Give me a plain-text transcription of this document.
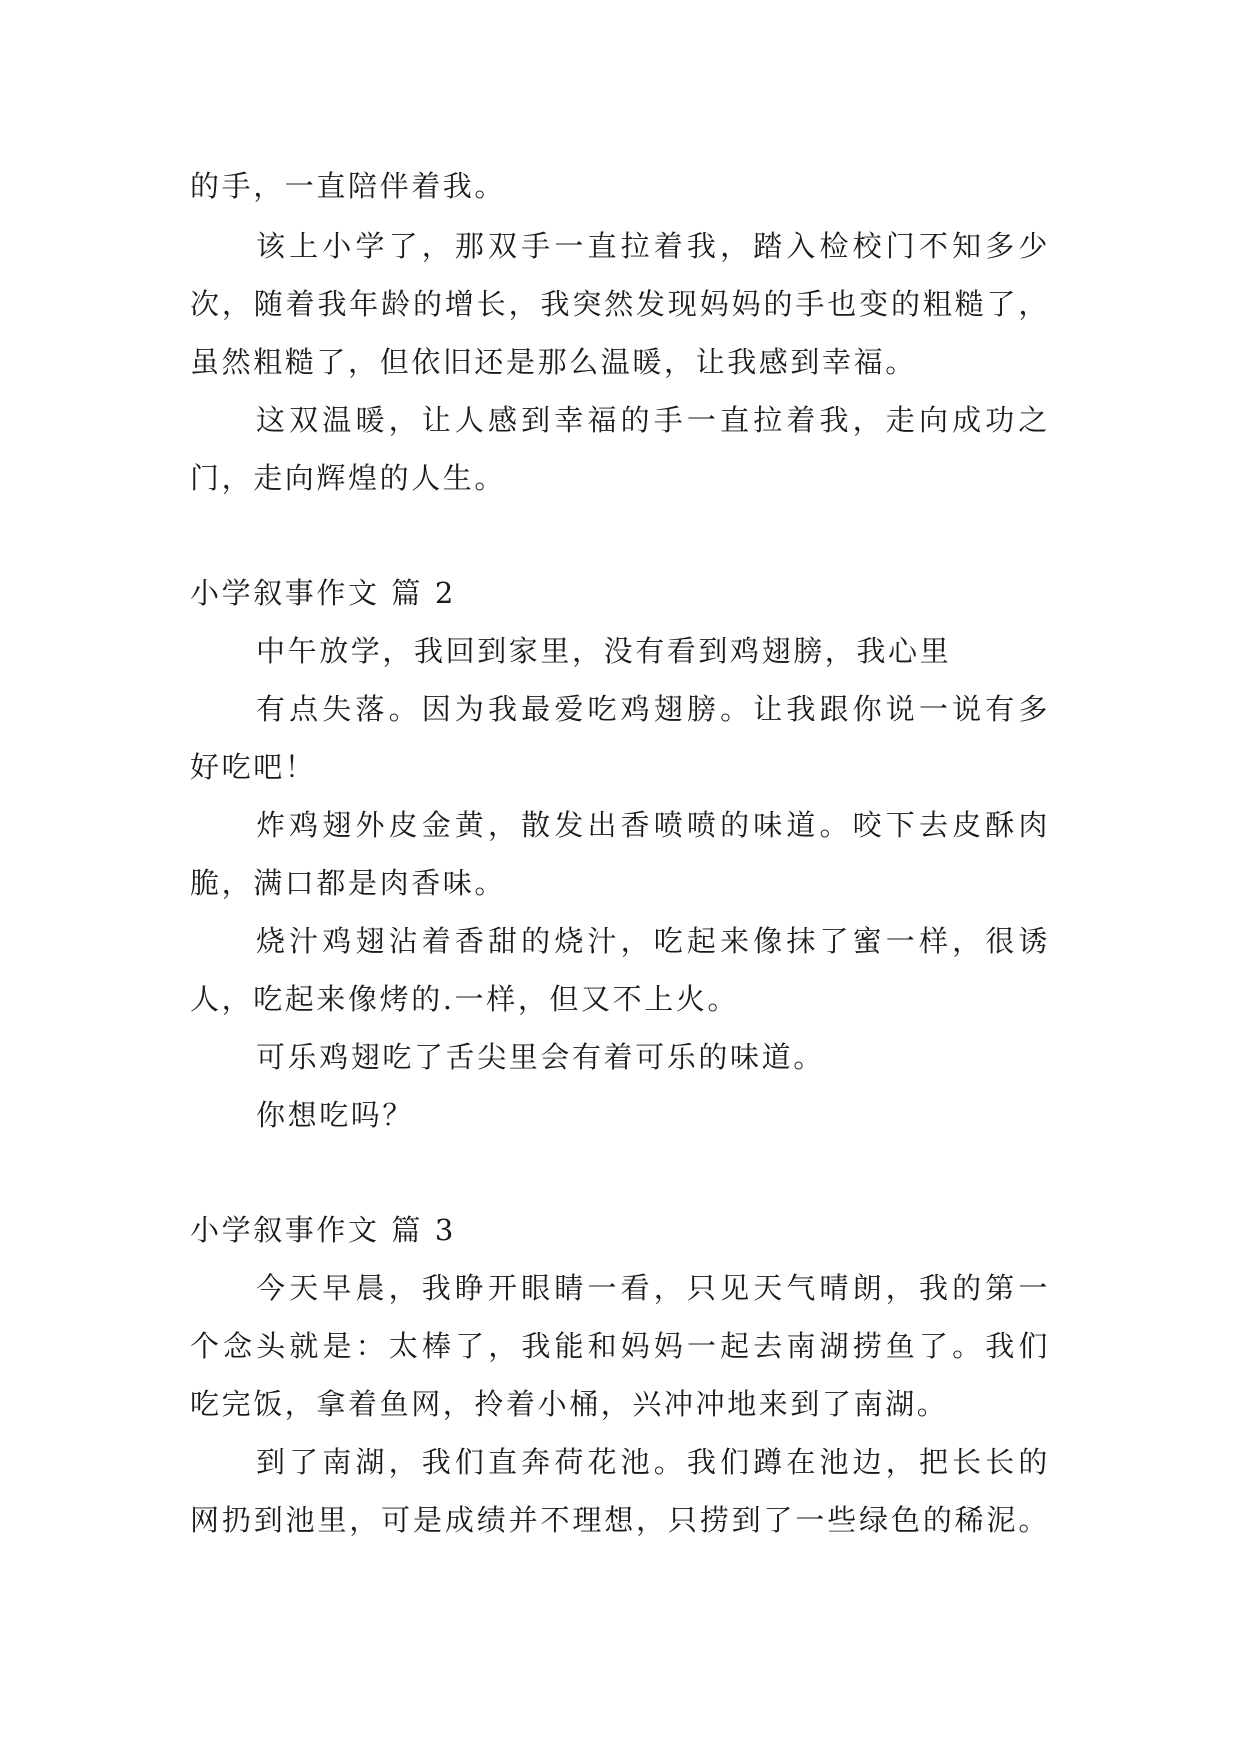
的手，一直陪伴着我。
该上小学了，那双手一直拉着我，踏入检校门不知多少
次，随着我年龄的增长，我突然发现妈妈的手也变的粗糙了，
虽然粗糙了，但依旧还是那么温暖，让我感到幸福。
这双温暖，让人感到幸福的手一直拉着我，走向成功之
门，走向辉煌的人生。
小学叙事作文 篇 2
中午放学，我回到家里，没有看到鸡翅膀，我心里
有点失落。因为我最爱吃鸡翅膀。让我跟你说一说有多
好吃吧！
炸鸡翅外皮金黄，散发出香喷喷的味道。咬下去皮酥肉
脆，满口都是肉香味。
烧汁鸡翅沾着香甜的烧汁，吃起来像抹了蜜一样，很诱
人，吃起来像烤的.一样，但又不上火。
可乐鸡翅吃了舌尖里会有着可乐的味道。
你想吃吗？
小学叙事作文 篇 3
今天早晨，我睁开眼睛一看，只见天气晴朗，我的第一
个念头就是：太棒了，我能和妈妈一起去南湖捞鱼了。我们
吃完饭，拿着鱼网，拎着小桶，兴冲冲地来到了南湖。
到了南湖，我们直奔荷花池。我们蹲在池边，把长长的
网扔到池里，可是成绩并不理想，只捞到了一些绿色的稀泥。
